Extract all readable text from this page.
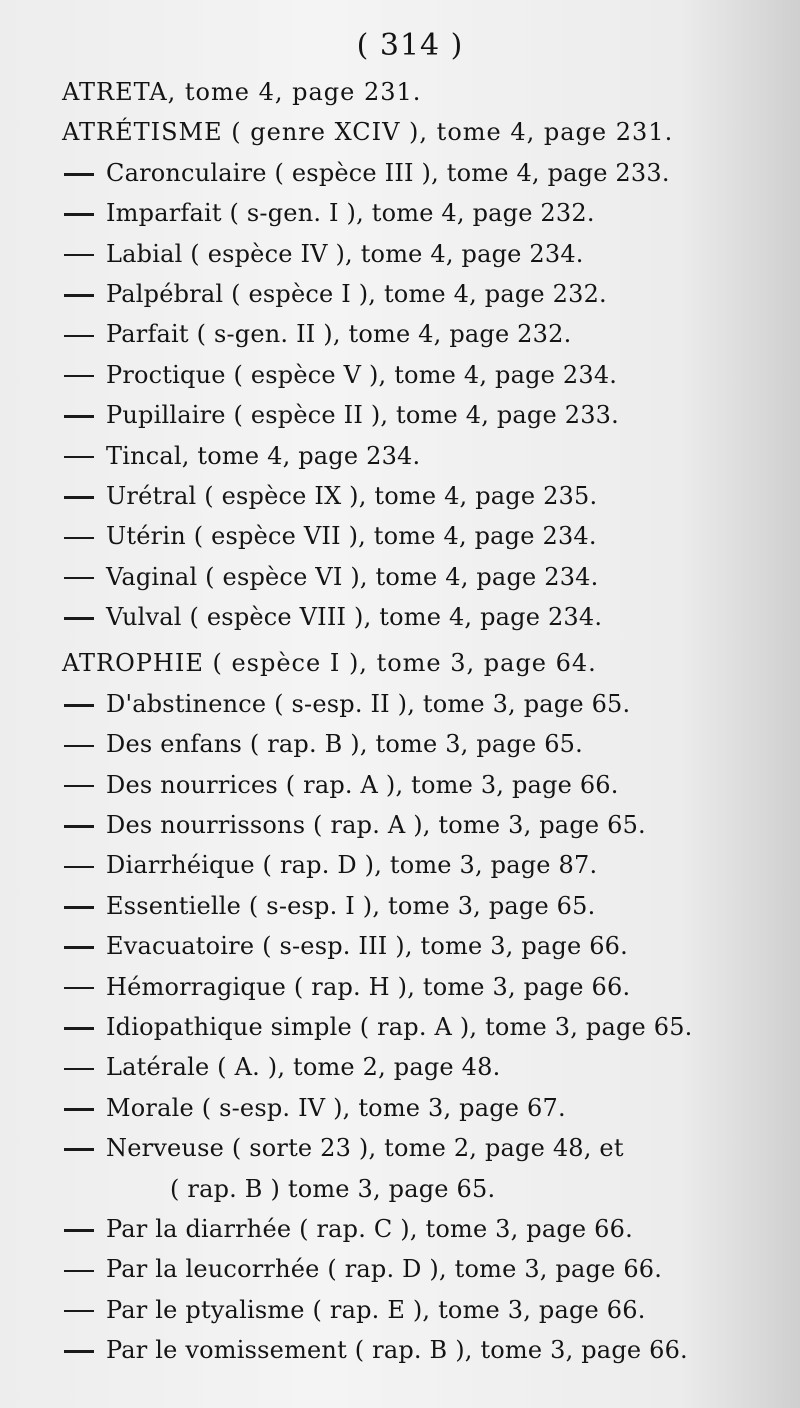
( 314 )
ATRETA, tome 4, page 231.
ATRÉTISME ( genre XCIV ), tome 4, page 231.
Caronculaire ( espèce III ), tome 4, page 233.
Imparfait ( s-gen. I ), tome 4, page 232.
Labial ( espèce IV ), tome 4, page 234.
Palpébral ( espèce I ), tome 4, page 232.
Parfait ( s-gen. II ), tome 4, page 232.
Proctique ( espèce V ), tome 4, page 234.
Pupillaire ( espèce II ), tome 4, page 233.
Tincal, tome 4, page 234.
Urétral ( espèce IX ), tome 4, page 235.
Utérin ( espèce VII ), tome 4, page 234.
Vaginal ( espèce VI ), tome 4, page 234.
Vulval ( espèce VIII ), tome 4, page 234.
ATROPHIE ( espèce I ), tome 3, page 64.
D'abstinence ( s-esp. II ), tome 3, page 65.
Des enfans ( rap. B ), tome 3, page 65.
Des nourrices ( rap. A ), tome 3, page 66.
Des nourrissons ( rap. A ), tome 3, page 65.
Diarrhéique ( rap. D ), tome 3, page 87.
Essentielle ( s-esp. I ), tome 3, page 65.
Evacuatoire ( s-esp. III ), tome 3, page 66.
Hémorragique ( rap. H ), tome 3, page 66.
Idiopathique simple ( rap. A ), tome 3, page 65.
Latérale ( A. ), tome 2, page 48.
Morale ( s-esp. IV ), tome 3, page 67.
Nerveuse ( sorte 23 ), tome 2, page 48, et
( rap. B ) tome 3, page 65.
Par la diarrhée ( rap. C ), tome 3, page 66.
Par la leucorrhée ( rap. D ), tome 3, page 66.
Par le ptyalisme ( rap. E ), tome 3, page 66.
Par le vomissement ( rap. B ), tome 3, page 66.
